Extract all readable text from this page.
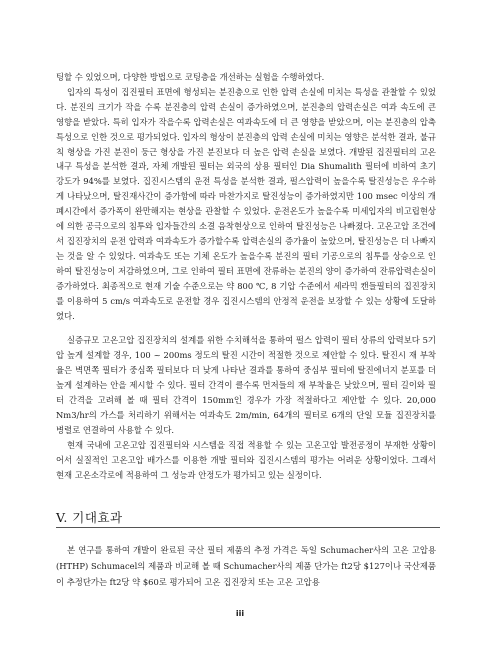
팅할 수 있었으며, 다양한 방법으로 코팅층을 개선하는 실험을 수행하였다.

입자의 특성이 집진필터 표면에 형성되는 분진층으로 인한 압력 손실에 미치는 특성을 관찰할 수 있었다. 분진의 크기가 작을 수록 분진층의 압력 손실이 증가하였으며, 분진층의 압력손실은 여과 속도에 큰 영향을 받았다. 특히 입자가 작을수록 압력손실은 여과속도에 더 큰 영향을 받았으며, 이는 분진층의 압축 특성으로 인한 것으로 평가되었다. 입자의 형상이 분진층의 압력 손실에 미치는 영향은 분석한 결과, 불규칙 형상을 가진 분진이 둥근 형상을 가진 분진보다 더 높은 압력 손실을 보였다. 개발된 집진필터의 고온 내구 특성을 분석한 결과, 자체 개발된 필터는 외국의 상용 필터인 Dia Shumalith 필터에 비하여 초기 강도가 94%를 보였다. 집진시스템의 운전 특성을 분석한 결과, 펄스압력이 높을수록 탈진성능은 우수하게 나타났으며, 탈진재사간이 증가함에 따라 마찬가지로 탈진성능이 증가하였지만 100 msec 이상의 개폐시간에서 증가폭이 완만해지는 현상을 관찰할 수 있었다. 운전온도가 높을수록 미세입자의 비고립현상에 의한 공극으로의 침투와 입자들간의 소결 음착현상으로 인하여 탈진성능은 나빠졌다. 고온고압 조건에서 집진장치의 운전 압력과 여과속도가 증가할수록 압력손실의 증가율이 높았으며, 탈진성능은 더 나빠지는 것을 알 수 있었다. 여과속도 또는 기체 온도가 높을수록 분진의 필터 기공으로의 침투를 상승으로 인하여 탈진성능이 저감하였으며, 그로 인하여 필터 표면에 잔류하는 분진의 양이 증가하여 잔류압력손실이 증가하였다. 최종적으로 현재 기술 수준으로는 약 800 ℃, 8 기압 수준에서 세라믹 캔들필터의 집진장치를 이용하여 5 cm/s 여과속도로 운전할 경우 집진시스템의 안정적 운전을 보장할 수 있는 상황에 도달하였다.

실증규모 고온고압 집진장치의 설계를 위한 수치해석을 통하여 펄스 압력이 필터 상류의 압력보다 5기압 높게 설계할 경우, 100 ~ 200ms 정도의 탈진 시간이 적절한 것으로 제안할 수 있다. 탈진시 재 부착율은 벽면쪽 필터가 중심쪽 필터보다 더 낮게 나타난 결과를 통하여 중심부 필터에 탈진에너지 분포를 더 높게 설계하는 안을 제시할 수 있다. 필터 간격이 클수록 먼저들의 재 부착율은 낮았으며, 필터 길이와 필터 간격을 고려해 볼 때 필터 간격이 150mm인 경우가 가장 적절하다고 제안할 수 있다. 20,000 Nm3/hr의 가스를 처리하기 위해서는 여과속도 2m/min, 64개의 필터로 6개의 단일 모듈 집진장치를 병렬로 연결하여 사용할 수 있다.

현재 국내에 고온고압 집진필터와 시스템을 직접 적용할 수 있는 고온고압 발전공정이 부재한 상황이어서 실질적인 고온고압 배가스를 이용한 개발 필터와 집진시스템의 평가는 어려운 상황이었다. 그래서 현재 고온소각로에 적용하여 그 성능과 안정도가 평가되고 있는 실정이다.

V. 기대효과

본 연구를 통하여 개발이 완료된 국산 필터 제품의 추정 가격은 독일 Schumacher사의 고온 고압용(HTHP) Schumacel의 제품과 비교해 볼 때 Schumacher사의 제품 단가는 ft2당 $127이나 국산제품이 추정단가는 ft2당 약 $60로 평가되어 고온 집진장치 또는 고온 고압용

iii
